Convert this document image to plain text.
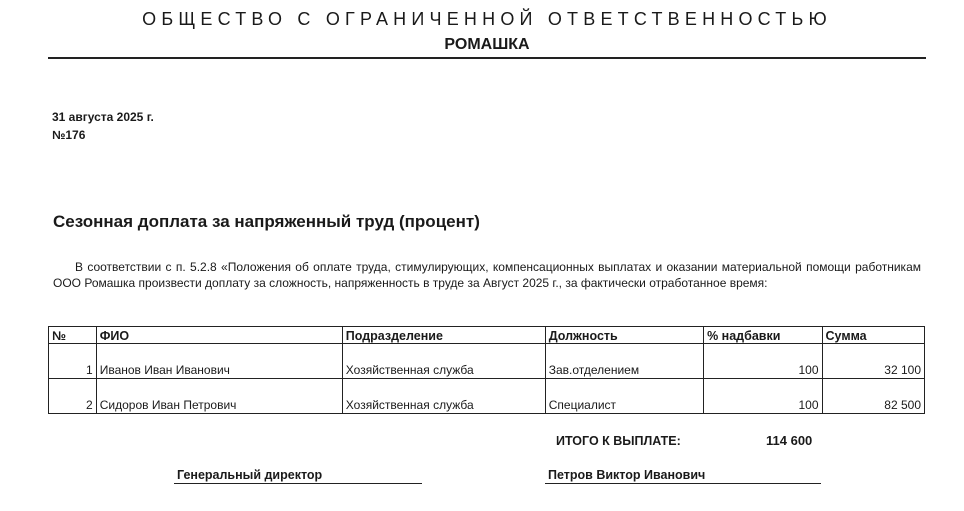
ОБЩЕСТВО С ОГРАНИЧЕННОЙ ОТВЕТСТВЕННОСТЬЮ
РОМАШКА
31 августа 2025 г.
№176
Сезонная доплата за напряженный труд (процент)
В соответствии с п. 5.2.8 «Положения об оплате труда, стимулирующих, компенсационных выплатах и оказании материальной помощи работникам ООО Ромашка произвести доплату за сложность, напряженность в труде за Август 2025 г., за фактически отработанное время:
№	ФИО	Подразделение	Должность	% надбавки	Сумма
1	Иванов Иван Иванович	Хозяйственная служба	Зав.отделением	100	32 100
2	Сидоров Иван Петрович	Хозяйственная служба	Специалист	100	82 500
ИТОГО К ВЫПЛАТЕ:	114 600
Генеральный директор	Петров Виктор Иванович
